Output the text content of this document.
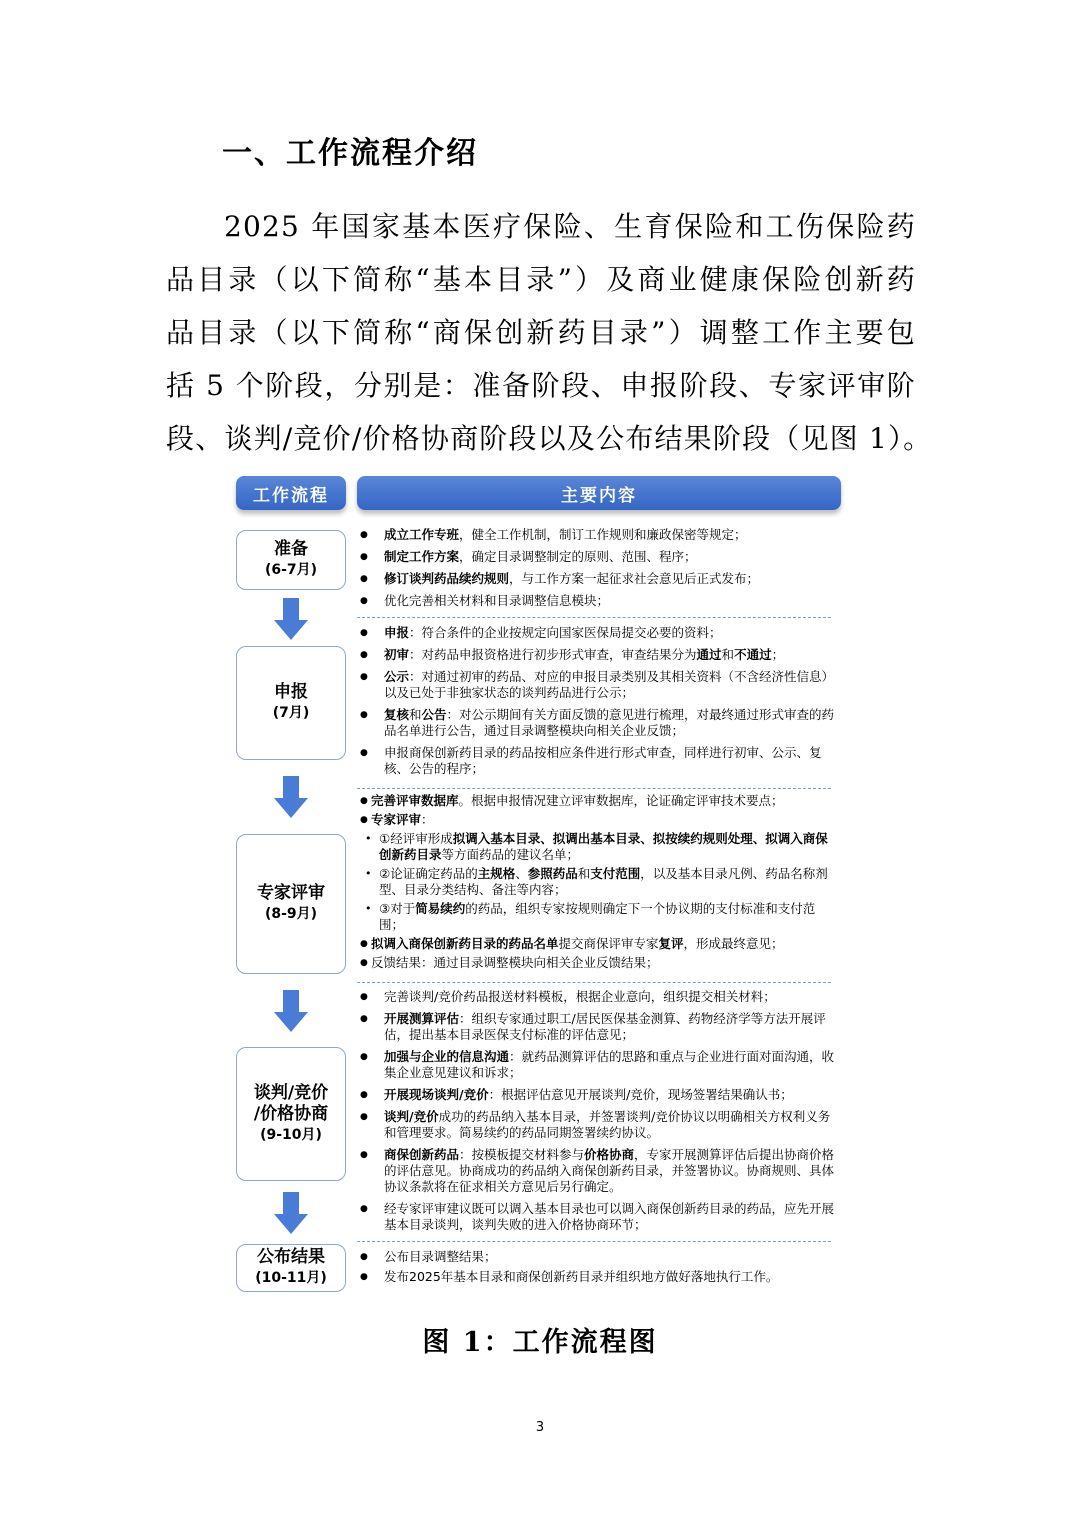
一、工作流程介绍

2025 年国家基本医疗保险、生育保险和工伤保险药
品目录（以下简称“基本目录”）及商业健康保险创新药
品目录（以下简称“商保创新药目录”）调整工作主要包
括 5 个阶段，分别是：准备阶段、申报阶段、专家评审阶
段、谈判/竞价/价格协商阶段以及公布结果阶段（见图 1）。

工作流程	主要内容
准备
(6-7月)
申报
(7月)
专家评审
(8-9月)
谈判/竞价
/价格协商
(9-10月)
公布结果
(10-11月)
● 成立工作专班，健全工作机制，制订工作规则和廉政保密等规定；
● 制定工作方案，确定目录调整制定的原则、范围、程序；
● 修订谈判药品续约规则，与工作方案一起征求社会意见后正式发布；
● 优化完善相关材料和目录调整信息模块；
● 申报：符合条件的企业按规定向国家医保局提交必要的资料；
● 初审：对药品申报资格进行初步形式审查，审查结果分为通过和不通过；
● 公示：对通过初审的药品、对应的申报目录类别及其相关资料（不含经济性信息）以及已处于非独家状态的谈判药品进行公示；
● 复核和公告：对公示期间有关方面反馈的意见进行梳理，对最终通过形式审查的药品名单进行公告，通过目录调整模块向相关企业反馈；
● 申报商保创新药目录的药品按相应条件进行形式审查，同样进行初审、公示、复核、公告的程序；
● 完善评审数据库。根据申报情况建立评审数据库，论证确定评审技术要点；
● 专家评审：
• ①经评审形成拟调入基本目录、拟调出基本目录、拟按续约规则处理、拟调入商保创新药目录等方面药品的建议名单；
• ②论证确定药品的主规格、参照药品和支付范围，以及基本目录凡例、药品名称剂型、目录分类结构、备注等内容；
• ③对于简易续约的药品，组织专家按规则确定下一个协议期的支付标准和支付范围；
● 拟调入商保创新药目录的药品名单提交商保评审专家复评，形成最终意见；
● 反馈结果：通过目录调整模块向相关企业反馈结果；
● 完善谈判/竞价药品报送材料模板，根据企业意向，组织提交相关材料；
● 开展测算评估：组织专家通过职工/居民医保基金测算、药物经济学等方法开展评估，提出基本目录医保支付标准的评估意见；
● 加强与企业的信息沟通：就药品测算评估的思路和重点与企业进行面对面沟通，收集企业意见建议和诉求；
● 开展现场谈判/竞价：根据评估意见开展谈判/竞价，现场签署结果确认书；
● 谈判/竞价成功的药品纳入基本目录，并签署谈判/竞价协议以明确相关方权利义务和管理要求。简易续约的药品同期签署续约协议。
● 商保创新药品：按模板提交材料参与价格协商，专家开展测算评估后提出协商价格的评估意见。协商成功的药品纳入商保创新药目录，并签署协议。协商规则、具体协议条款将在征求相关方意见后另行确定。
● 经专家评审建议既可以调入基本目录也可以调入商保创新药目录的药品，应先开展基本目录谈判，谈判失败的进入价格协商环节；
● 公布目录调整结果；
● 发布2025年基本目录和商保创新药目录并组织地方做好落地执行工作。
图 1：工作流程图
3
